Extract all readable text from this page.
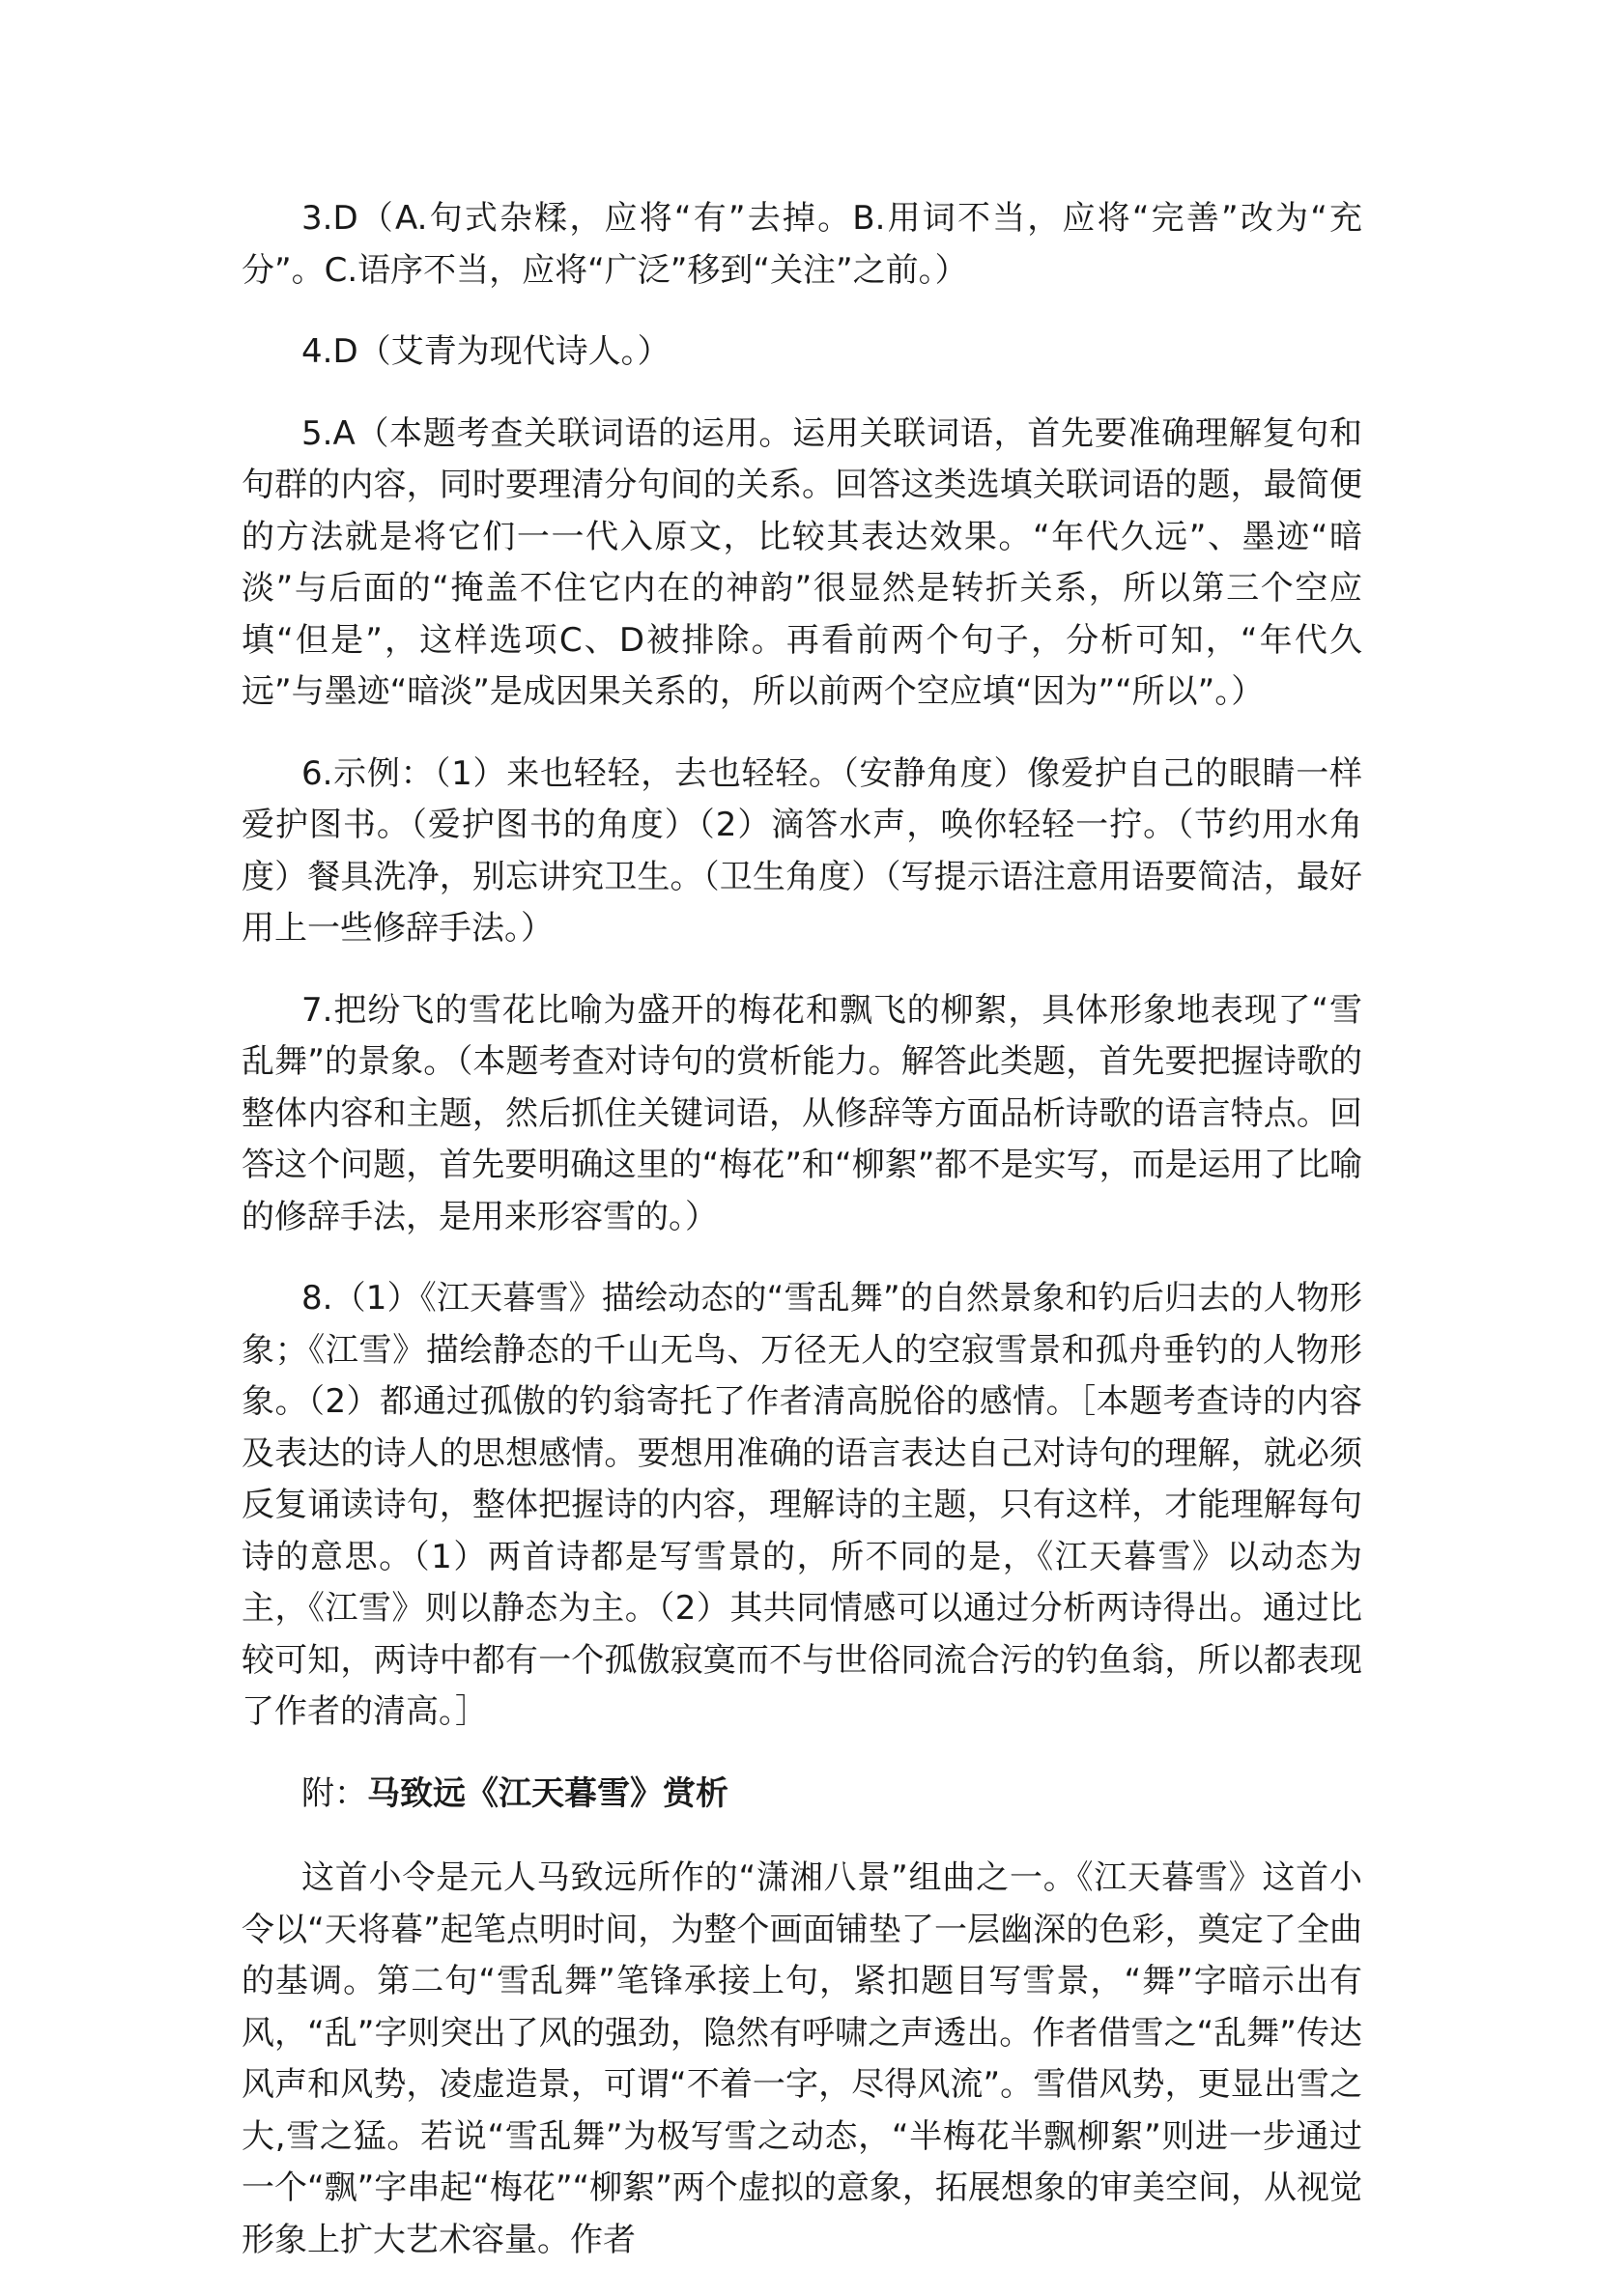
3.D（A.句式杂糅，应将“有”去掉。B.用词不当，应将“完善”改为“充分”。C.语序不当，应将“广泛”移到“关注”之前。）

4.D（艾青为现代诗人。）

5.A（本题考查关联词语的运用。运用关联词语，首先要准确理解复句和句群的内容，同时要理清分句间的关系。回答这类选填关联词语的题，最简便的方法就是将它们一一代入原文，比较其表达效果。“年代久远”、墨迹“暗淡”与后面的“掩盖不住它内在的神韵”很显然是转折关系，所以第三个空应填“但是”，这样选项C、D被排除。再看前两个句子，分析可知，“年代久远”与墨迹“暗淡”是成因果关系的，所以前两个空应填“因为”“所以”。）

6.示例：（1）来也轻轻，去也轻轻。（安静角度）像爱护自己的眼睛一样爱护图书。（爱护图书的角度）（2）滴答水声，唤你轻轻一拧。（节约用水角度）餐具洗净，别忘讲究卫生。（卫生角度）（写提示语注意用语要简洁，最好用上一些修辞手法。）

7.把纷飞的雪花比喻为盛开的梅花和飘飞的柳絮，具体形象地表现了“雪乱舞”的景象。（本题考查对诗句的赏析能力。解答此类题，首先要把握诗歌的整体内容和主题，然后抓住关键词语，从修辞等方面品析诗歌的语言特点。回答这个问题，首先要明确这里的“梅花”和“柳絮”都不是实写，而是运用了比喻的修辞手法，是用来形容雪的。）

8.（1）《江天暮雪》描绘动态的“雪乱舞”的自然景象和钓后归去的人物形象；《江雪》描绘静态的千山无鸟、万径无人的空寂雪景和孤舟垂钓的人物形象。（2）都通过孤傲的钓翁寄托了作者清高脱俗的感情。［本题考查诗的内容及表达的诗人的思想感情。要想用准确的语言表达自己对诗句的理解，就必须反复诵读诗句，整体把握诗的内容，理解诗的主题，只有这样，才能理解每句诗的意思。（1）两首诗都是写雪景的，所不同的是，《江天暮雪》以动态为主，《江雪》则以静态为主。（2）其共同情感可以通过分析两诗得出。通过比较可知，两诗中都有一个孤傲寂寞而不与世俗同流合污的钓鱼翁，所以都表现了作者的清高。］

附：马致远《江天暮雪》赏析

这首小令是元人马致远所作的“潇湘八景”组曲之一。《江天暮雪》这首小令以“天将暮”起笔点明时间，为整个画面铺垫了一层幽深的色彩，奠定了全曲的基调。第二句“雪乱舞”笔锋承接上句，紧扣题目写雪景，“舞”字暗示出有风，“乱”字则突出了风的强劲，隐然有呼啸之声透出。作者借雪之“乱舞”传达风声和风势，凌虚造景，可谓“不着一字，尽得风流”。雪借风势，更显出雪之大,雪之猛。若说“雪乱舞”为极写雪之动态，“半梅花半飘柳絮”则进一步通过一个“飘”字串起“梅花”“柳絮”两个虚拟的意象，拓展想象的审美空间，从视觉形象上扩大艺术容量。作者
